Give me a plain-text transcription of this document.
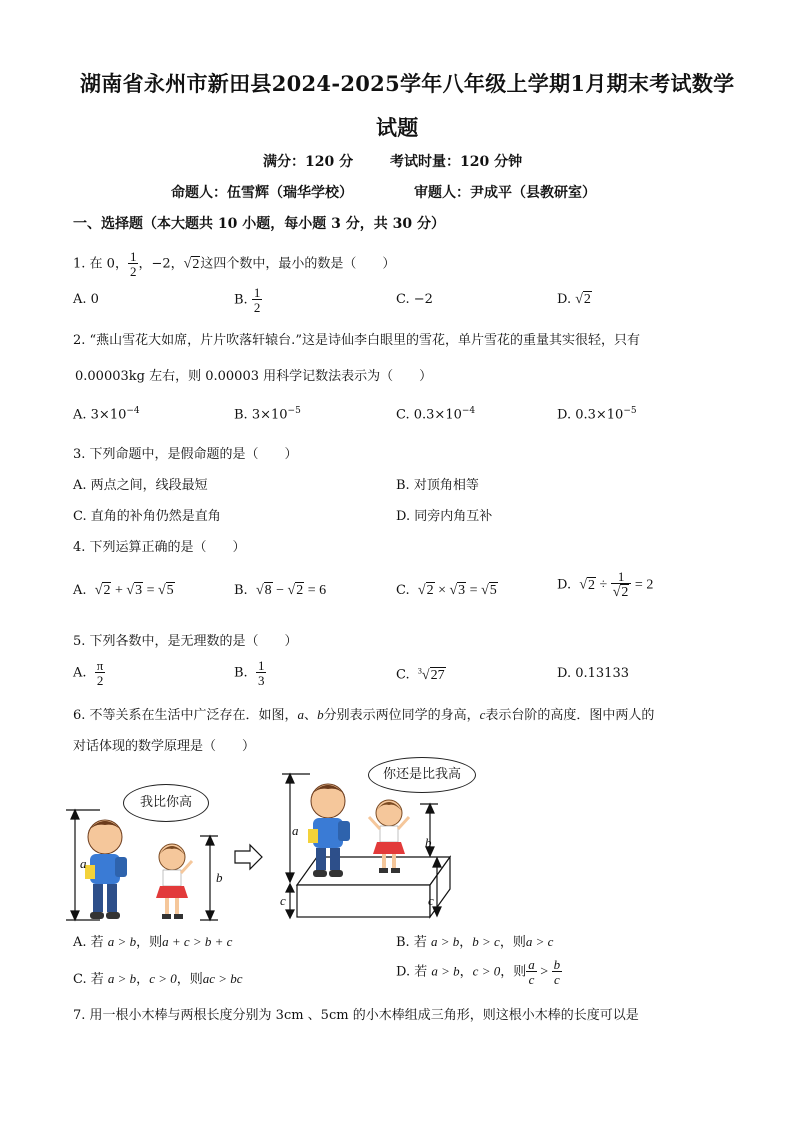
湖南省永州市新田县2024-2025学年八年级上学期1月期末考试数学
试题
满分：120 分	考试时量：120 分钟
命题人：伍雪辉（瑞华学校）	审题人：尹成平（县教研室）
一、选择题（本大题共 10 小题，每小题 3 分，共 30 分）
1. 在 0， $\frac{1}{2}$ ，−2，√2这四个数中，最小的数是（　　）
A. 0	B. $\frac{1}{2}$	C. −2	D. √2
2. “燕山雪花大如席，片片吹落轩辕台.”这是诗仙李白眼里的雪花，单片雪花的重量其实很轻，只有
0.00003kg 左右，则 0.00003 用科学记数法表示为（　　）
A. $3\times 10^{-4}$	B. $3\times 10^{-5}$	C. $0.3\times 10^{-4}$	D. $0.3\times 10^{-5}$
3. 下列命题中，是假命题的是（　　）
A. 两点之间，线段最短	B. 对顶角相等
C. 直角的补角仍然是直角	D. 同旁内角互补
4. 下列运算正确的是（　　）
A. √2 + √3 = √5	B. √8 − √2 = 6	C. √2 × √3 = √5	D. $√2 \div \frac{1}{√2} = 2$
5. 下列各数中，是无理数的是（　　）
A. $\frac{\pi}{2}$	B. $\frac{1}{3}$	C. $^3$√27	D. 0.13133
6. 不等关系在生活中广泛存在．如图，a、b分别表示两位同学的身高，c表示台阶的高度．图中两人的
对话体现的数学原理是（　　）
a
b
a
b
c	c
我比你高
你还是比我高
A. 若 a > b，则a + c > b + c	B. 若 a > b，b > c，则a > c
C. 若 a > b，c > 0，则ac > bc	D. 若 a > b，c > 0，则 $\frac{a}{c} > \frac{b}{c}$
7. 用一根小木棒与两根长度分别为 3cm 、5cm 的小木棒组成三角形，则这根小木棒的长度可以是
